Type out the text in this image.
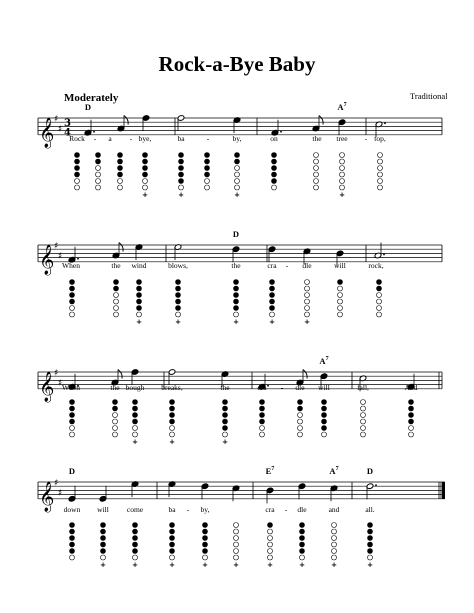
Rock-a-Bye Baby
Moderately	Traditional
𝄞 ♯
♯
3
4
+	+	+	+
Rock - a - bye,	ba	-	by,	on	the tree - top,
D	$A^7$
𝄞 ♯
♯
+	+	+	+	+
When	the wind	blows,	the	cra - dle	will	rock,
D
𝄞 ♯
♯
+	+	+
When	the bough breaks,	the	cra - dle will	fall,	And
$A^7$
𝄞 ♯
♯
+	+	+	+	+	+	+	+	+
down will come	ba - by,	cra - dle	and	all.
D	$E^7$	$A^7$	D
